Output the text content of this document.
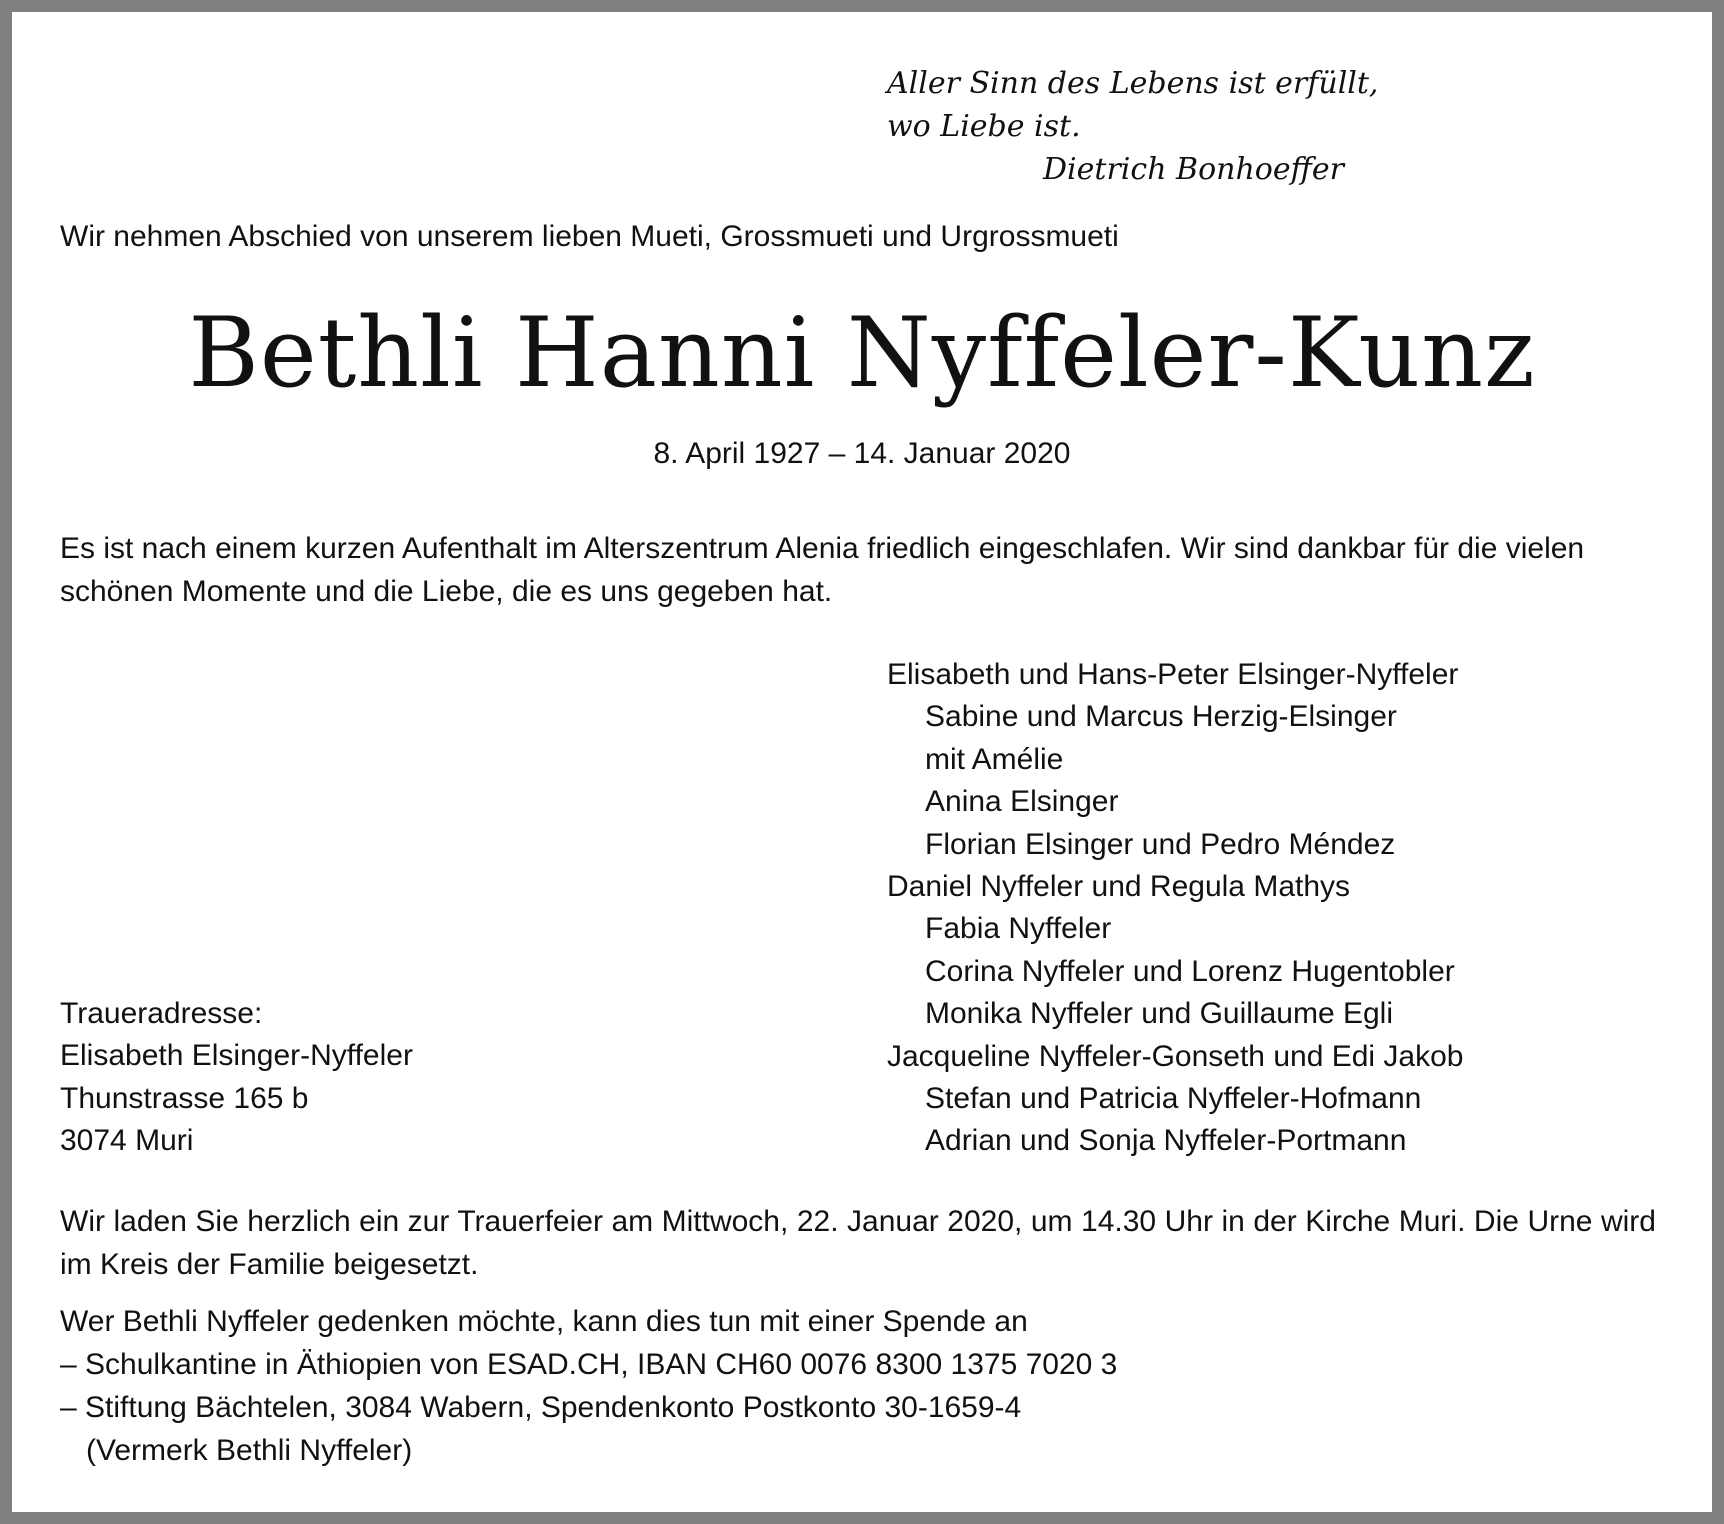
Aller Sinn des Lebens ist erfüllt,
wo Liebe ist.
Dietrich Bonhoeffer
Wir nehmen Abschied von unserem lieben Mueti, Grossmueti und Urgrossmueti
Bethli Hanni Nyffeler-Kunz
8. April 1927 – 14. Januar 2020
Es ist nach einem kurzen Aufenthalt im Alterszentrum Alenia friedlich eingeschlafen. Wir sind dankbar für die vielen schönen Momente und die Liebe, die es uns gegeben hat.
Elisabeth und Hans-Peter Elsinger-Nyffeler
Sabine und Marcus Herzig-Elsinger
mit Amélie
Anina Elsinger
Florian Elsinger und Pedro Méndez
Daniel Nyffeler und Regula Mathys
Fabia Nyffeler
Corina Nyffeler und Lorenz Hugentobler
Monika Nyffeler und Guillaume Egli
Jacqueline Nyffeler-Gonseth und Edi Jakob
Stefan und Patricia Nyffeler-Hofmann
Adrian und Sonja Nyffeler-Portmann
Traueradresse:
Elisabeth Elsinger-Nyffeler
Thunstrasse 165 b
3074 Muri
Wir laden Sie herzlich ein zur Trauerfeier am Mittwoch, 22. Januar 2020, um 14.30 Uhr in der Kirche Muri. Die Urne wird im Kreis der Familie beigesetzt.
Wer Bethli Nyffeler gedenken möchte, kann dies tun mit einer Spende an
– Schulkantine in Äthiopien von ESAD.CH, IBAN CH60 0076 8300 1375 7020 3
– Stiftung Bächtelen, 3084 Wabern, Spendenkonto Postkonto 30-1659-4
(Vermerk Bethli Nyffeler)
